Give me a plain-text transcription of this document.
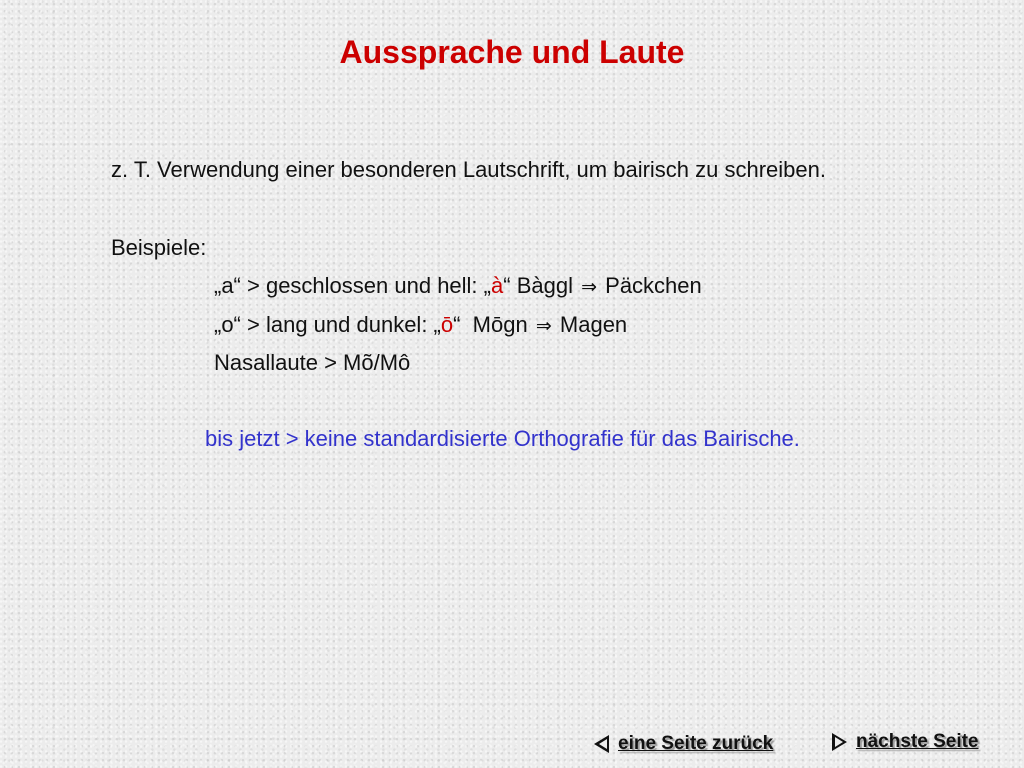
Aussprache und Laute
z. T. Verwendung einer besonderen Lautschrift, um bairisch zu schreiben.
Beispiele:
„a“ > geschlossen und hell: „à“ Bàggl ⇒ Päckchen
„o“ > lang und dunkel: „ō“  Mōgn ⇒ Magen
Nasallaute > Mõ/Mô
bis jetzt > keine standardisierte Orthografie für das Bairische.
eine Seite zurück	nächste Seite
